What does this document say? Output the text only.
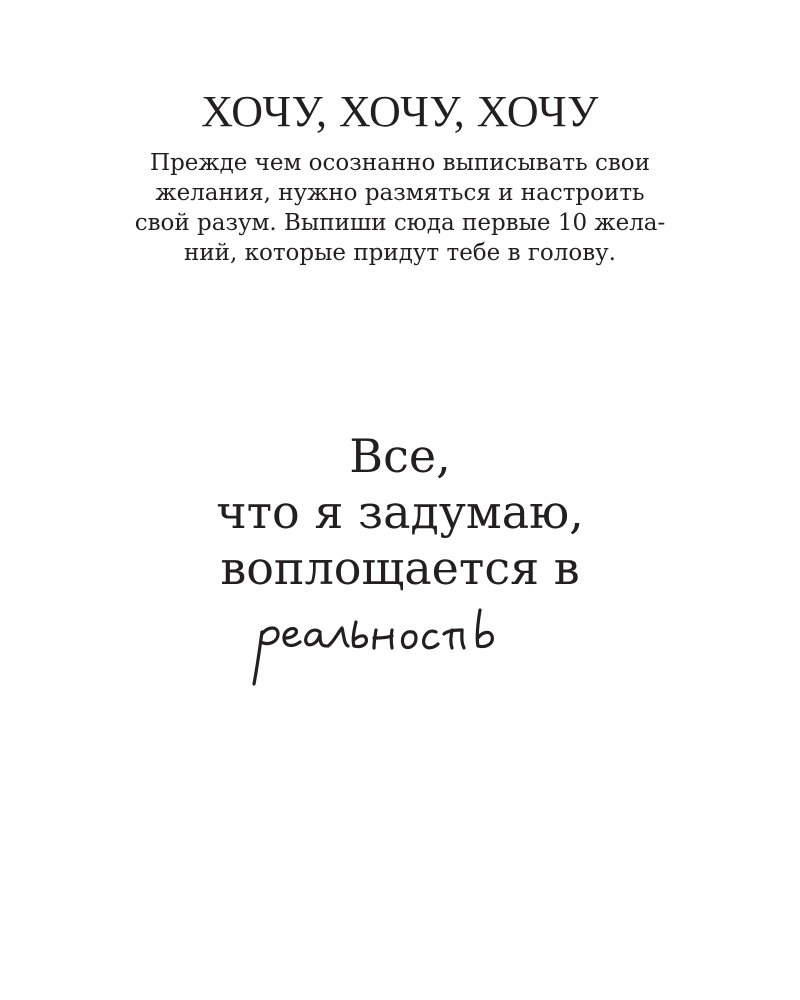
ХОЧУ, ХОЧУ, ХОЧУ
Прежде чем осознанно выписывать свои
желания, нужно размяться и настроить
свой разум. Выпиши сюда первые 10 жела-
ний, которые придут тебе в голову.
Все,
что я задумаю,
воплощается в
